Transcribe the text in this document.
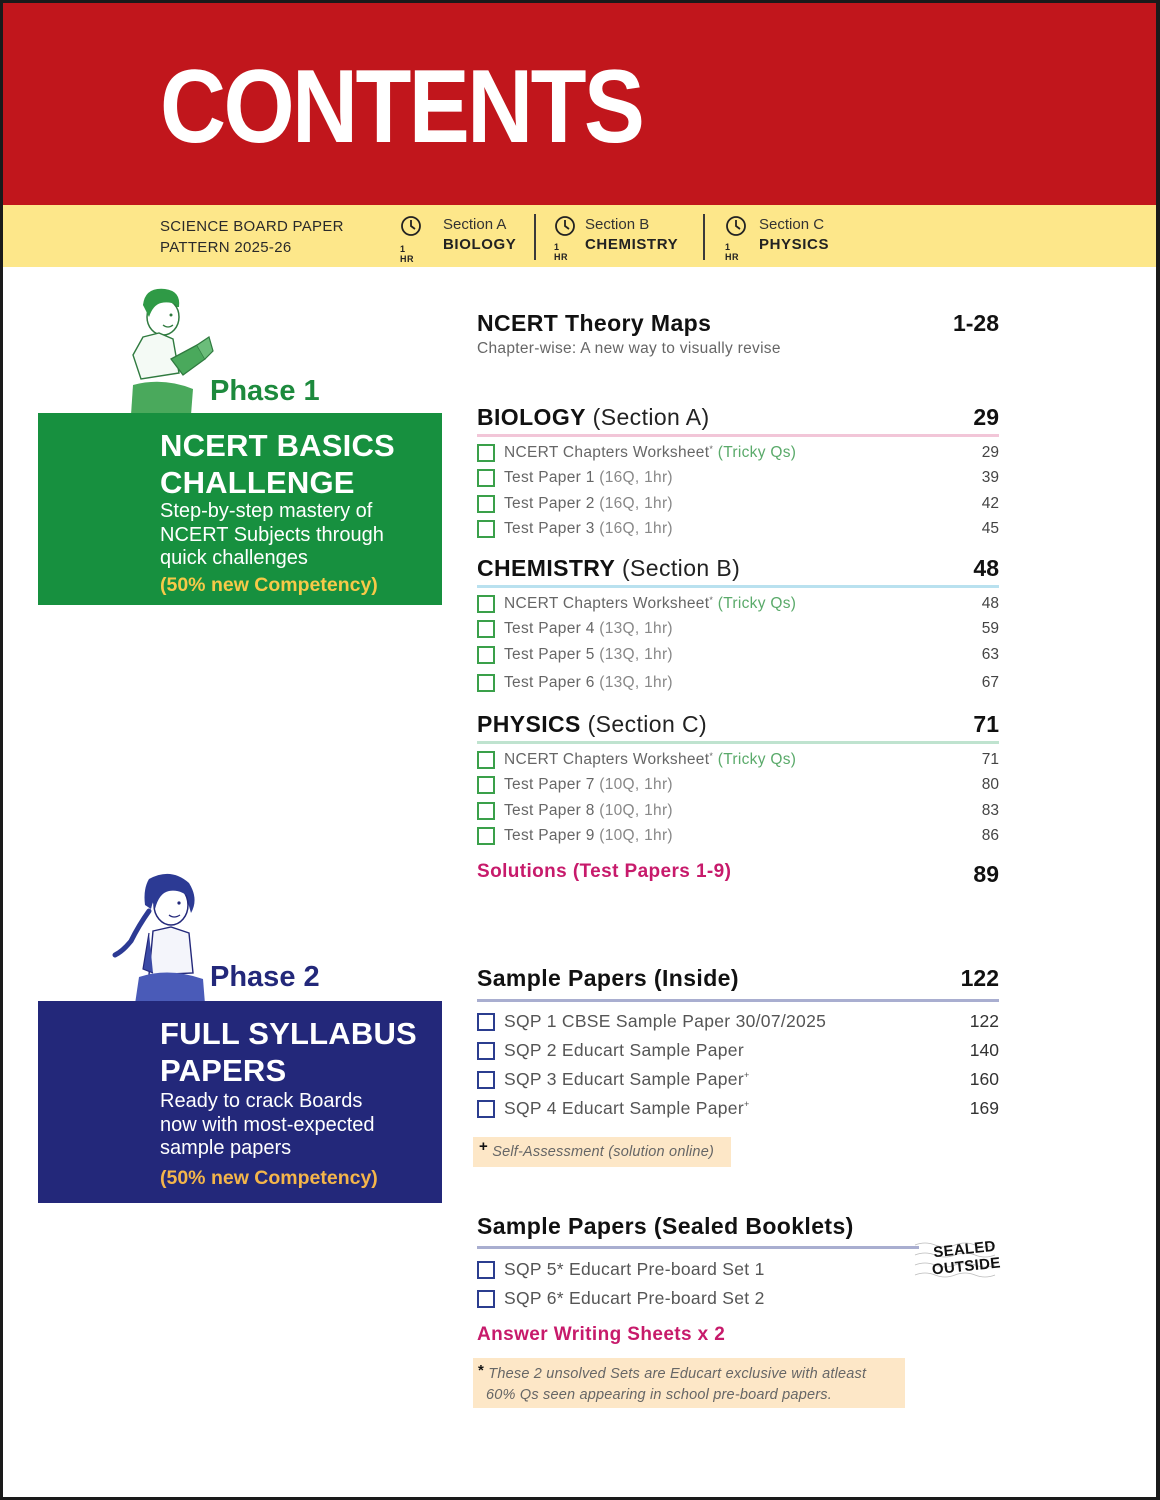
CONTENTS
SCIENCE BOARD PAPER
PATTERN 2025-26	1 HR
Section A
BIOLOGY	1 HR
Section B
CHEMISTRY	1 HR
Section C
PHYSICS
Phase 1
NCERT BASICS
CHALLENGE
Step-by-step mastery of
NCERT Subjects through
quick challenges
(50% new Competency)
Phase 2
FULL SYLLABUS
PAPERS
Ready to crack Boards
now with most-expected
sample papers
(50% new Competency)
NCERT Theory Maps	1-28
Chapter-wise: A new way to visually revise
BIOLOGY (Section A)	29
NCERT Chapters Worksheet* (Tricky Qs)	29
Test Paper 1 (16Q, 1hr)	39
Test Paper 2 (16Q, 1hr)	42
Test Paper 3 (16Q, 1hr)	45
CHEMISTRY (Section B)	48
NCERT Chapters Worksheet* (Tricky Qs)	48
Test Paper 4 (13Q, 1hr)	59
Test Paper 5 (13Q, 1hr)	63
Test Paper 6 (13Q, 1hr)	67
PHYSICS (Section C)	71
NCERT Chapters Worksheet* (Tricky Qs)	71
Test Paper 7 (10Q, 1hr)	80
Test Paper 8 (10Q, 1hr)	83
Test Paper 9 (10Q, 1hr)	86
Solutions (Test Papers 1-9)	89
Sample Papers (Inside)	122
SQP 1 CBSE Sample Paper 30/07/2025	122
SQP 2 Educart Sample Paper	140
SQP 3 Educart Sample Paper+	160
SQP 4 Educart Sample Paper+	169
+ Self-Assessment (solution online)
Sample Papers (Sealed Booklets)
SQP 5* Educart Pre-board Set 1
SQP 6* Educart Pre-board Set 2
Answer Writing Sheets x 2
SEALED
OUTSIDE
* These 2 unsolved Sets are Educart exclusive with atleast
60% Qs seen appearing in school pre-board papers.
